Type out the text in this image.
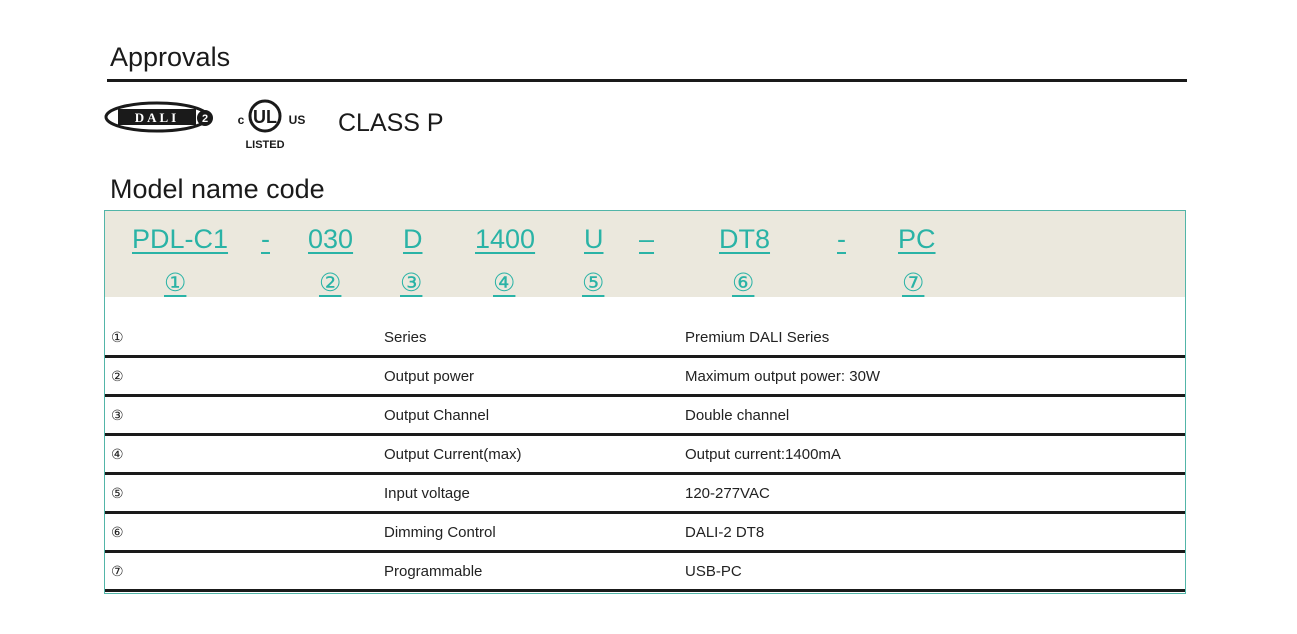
Approvals
DALI 2 c UL US
LISTED
CLASS P
Model name code
PDL-C1 - 030 D 1400 U – DT8 - PC
①	② ③	④	⑤	⑥	⑦
①	Series	Premium DALI Series
②	Output power	Maximum output power: 30W
③	Output Channel	Double channel
④	Output Current(max)	Output current:1400mA
⑤	Input voltage	120-277VAC
⑥	Dimming Control	DALI-2 DT8
⑦	Programmable	USB-PC
